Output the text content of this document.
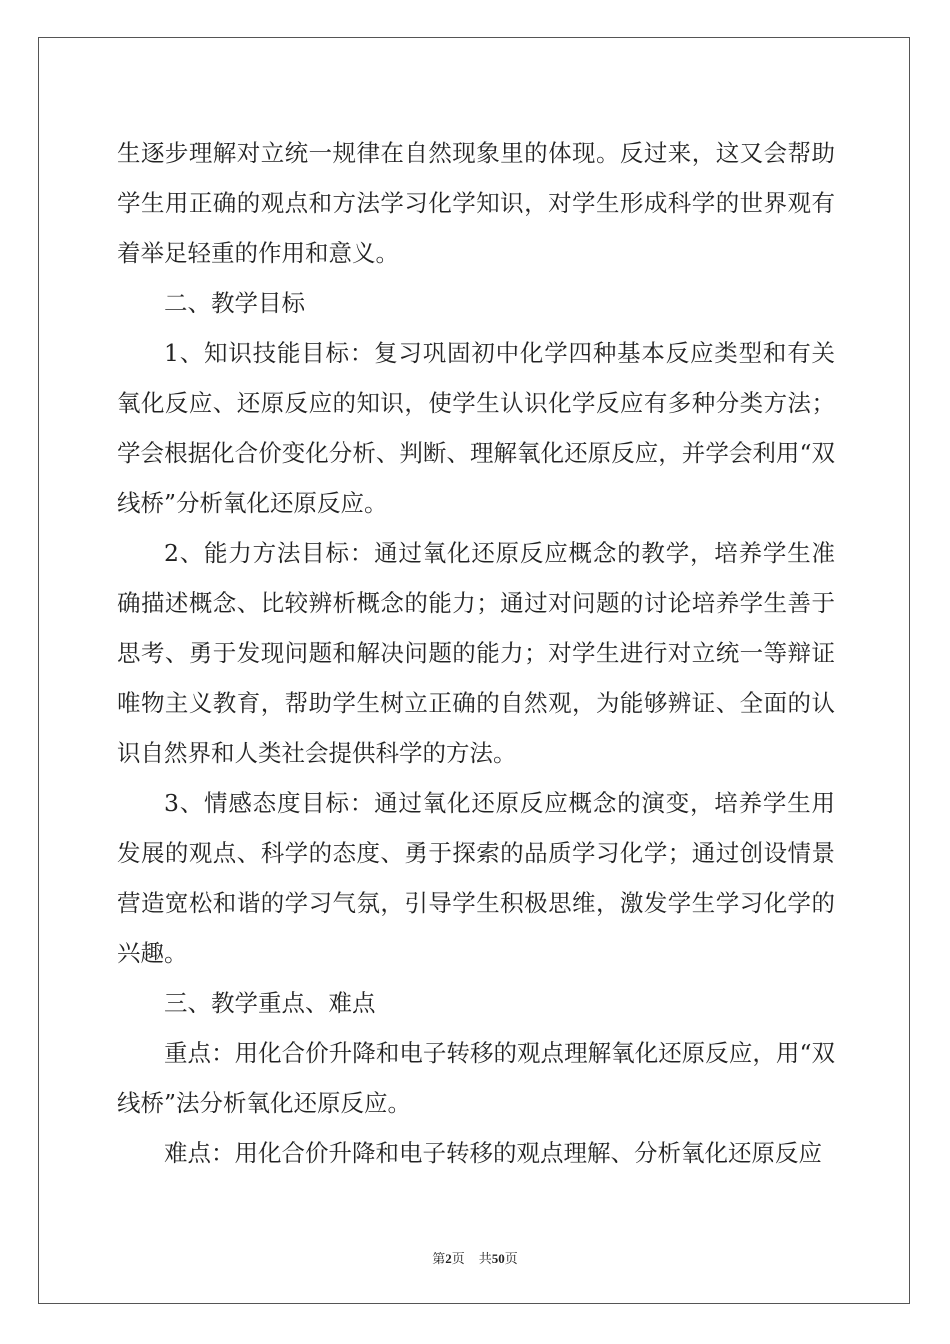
生逐步理解对立统一规律在自然现象里的体现。反过来，这又会帮助学生用正确的观点和方法学习化学知识，对学生形成科学的世界观有着举足轻重的作用和意义。

二、教学目标

1、知识技能目标：复习巩固初中化学四种基本反应类型和有关氧化反应、还原反应的知识，使学生认识化学反应有多种分类方法；学会根据化合价变化分析、判断、理解氧化还原反应，并学会利用“双线桥”分析氧化还原反应。

2、能力方法目标：通过氧化还原反应概念的教学，培养学生准确描述概念、比较辨析概念的能力；通过对问题的讨论培养学生善于思考、勇于发现问题和解决问题的能力；对学生进行对立统一等辩证唯物主义教育，帮助学生树立正确的自然观，为能够辨证、全面的认识自然界和人类社会提供科学的方法。

3、情感态度目标：通过氧化还原反应概念的演变，培养学生用发展的观点、科学的态度、勇于探索的品质学习化学；通过创设情景营造宽松和谐的学习气氛，引导学生积极思维，激发学生学习化学的兴趣。

三、教学重点、难点

重点：用化合价升降和电子转移的观点理解氧化还原反应，用“双线桥”法分析氧化还原反应。

难点：用化合价升降和电子转移的观点理解、分析氧化还原反应

第2页 共50页
